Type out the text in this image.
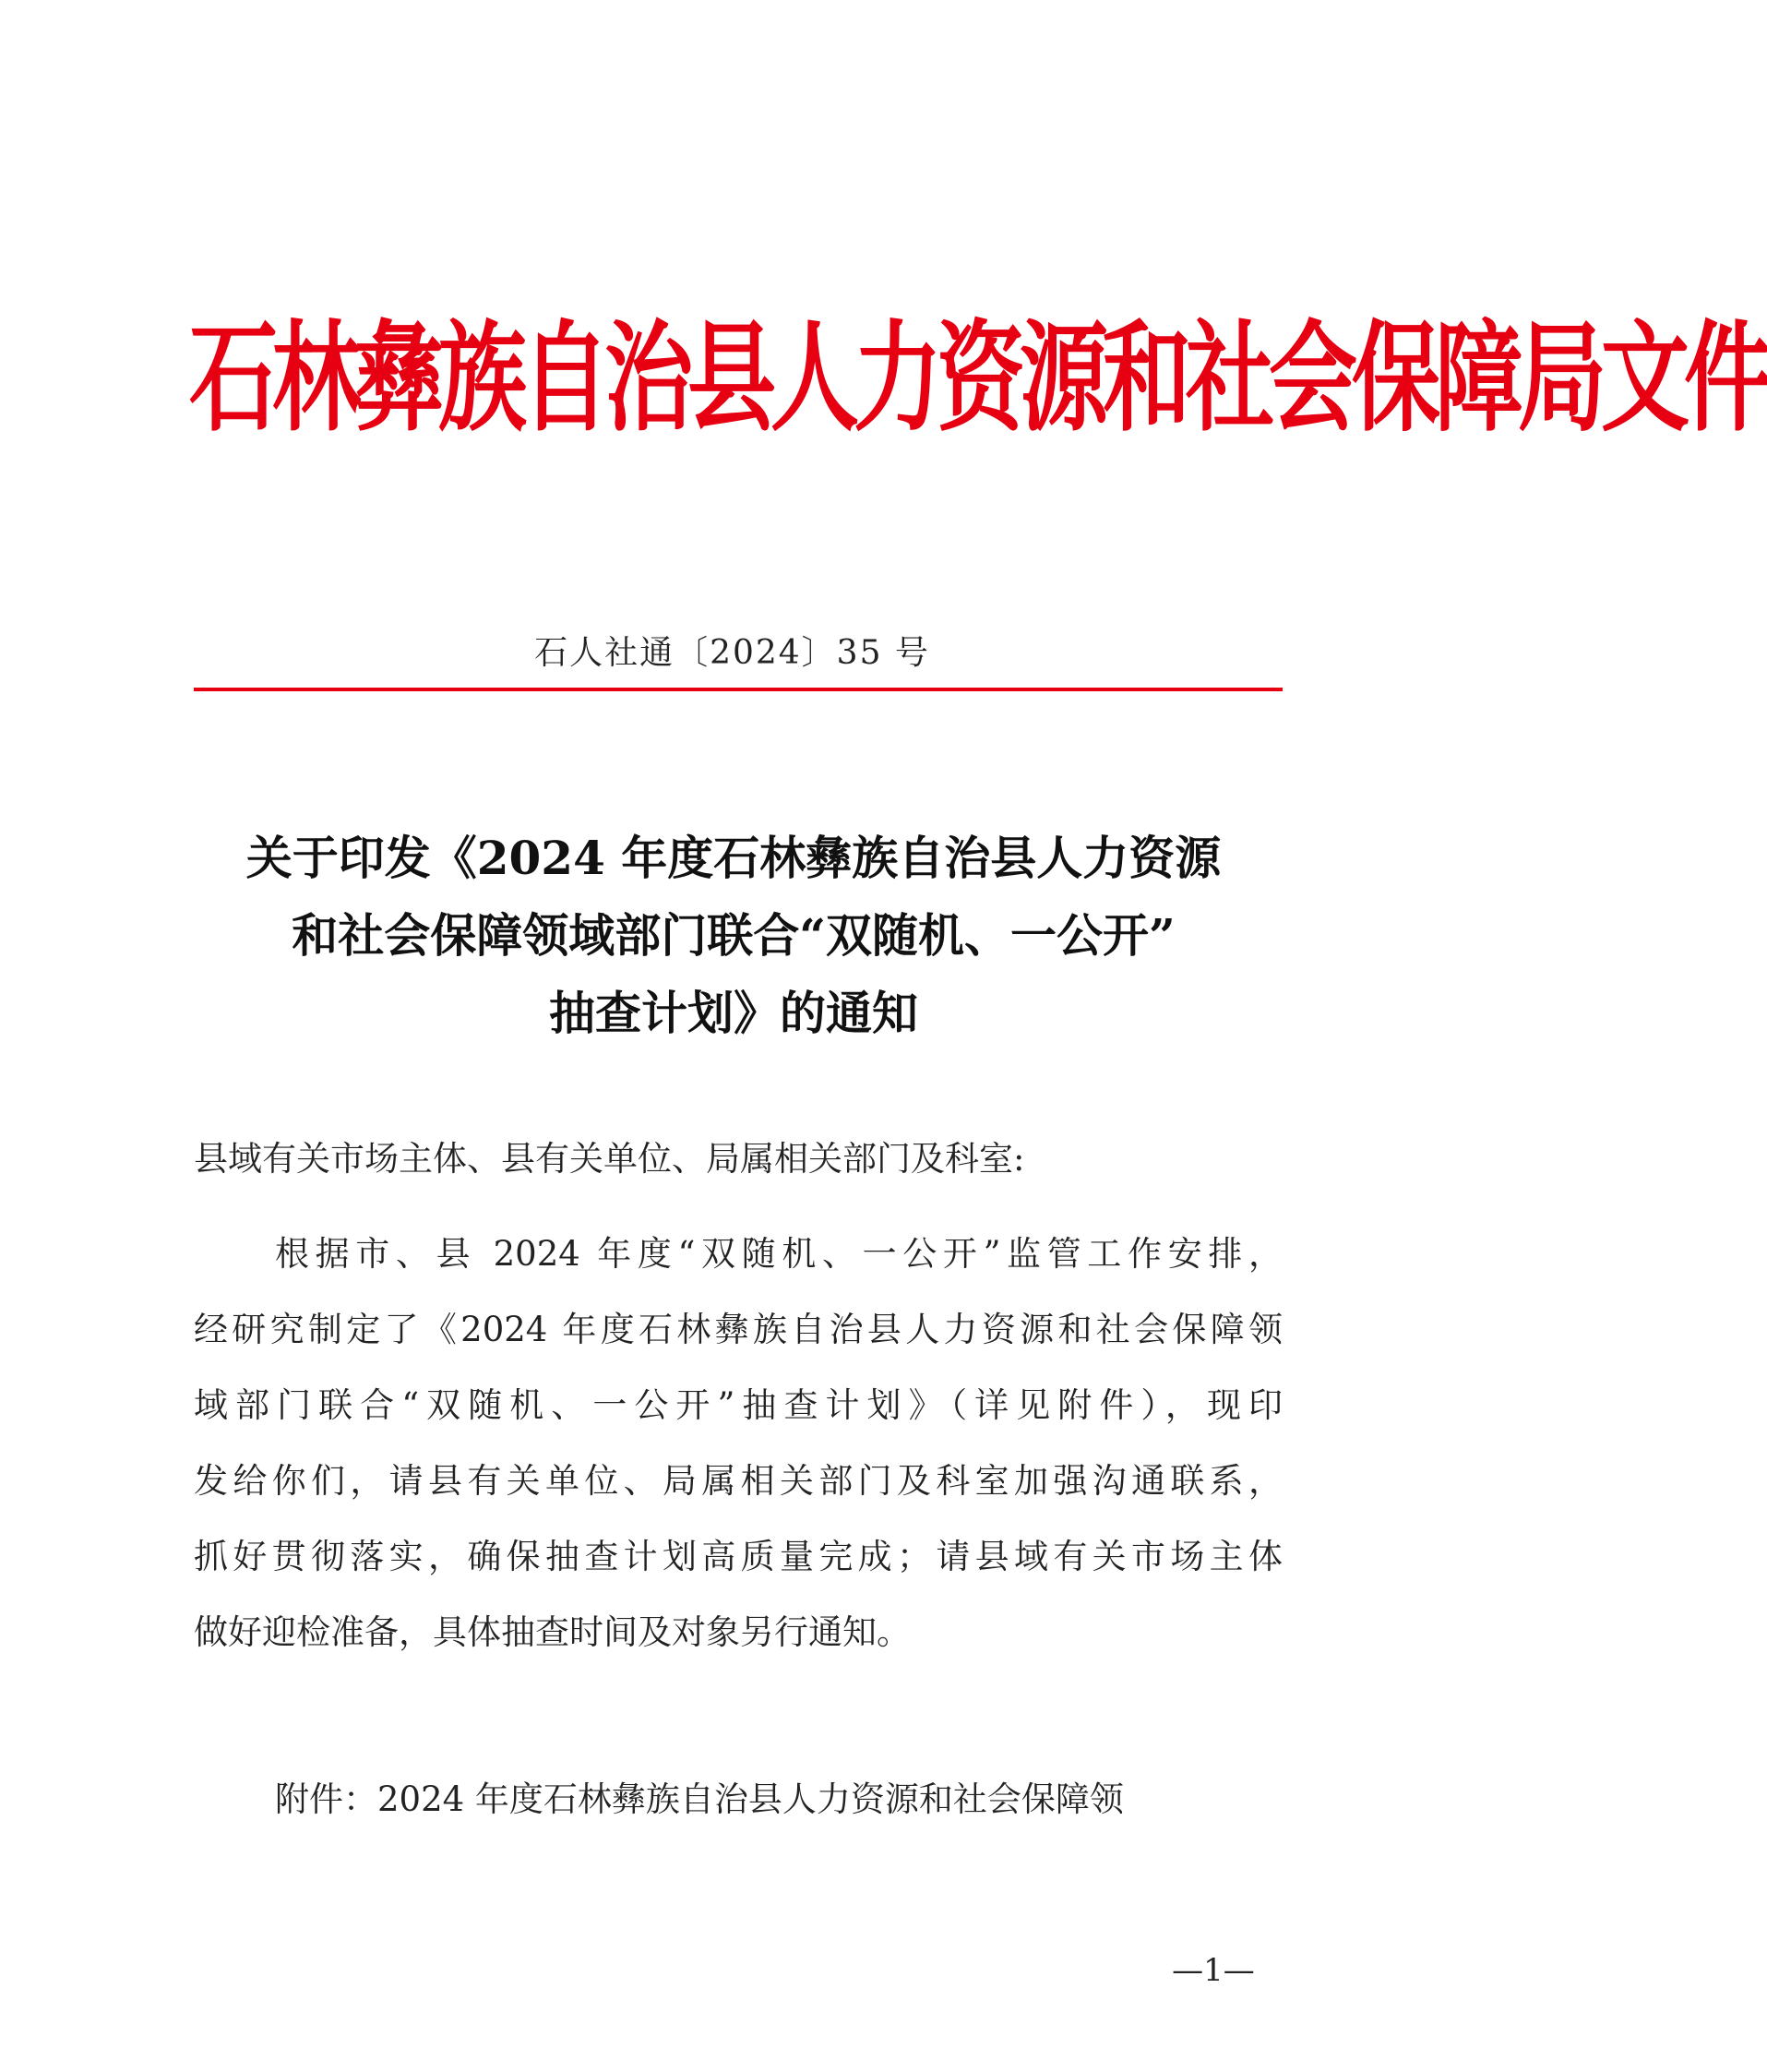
石林彝族自治县人力资源和社会保障局文件
石人社通〔2024〕35 号
关于印发《2024 年度石林彝族自治县人力资源
和社会保障领域部门联合“双随机、一公开”
抽查计划》的通知
县域有关市场主体、县有关单位、局属相关部门及科室:
根据市、县 2024 年度“双随机、一公开”监管工作安排，
经研究制定了《2024 年度石林彝族自治县人力资源和社会保障领
域部门联合“双随机、一公开”抽查计划》（详见附件），现印
发给你们，请县有关单位、局属相关部门及科室加强沟通联系，
抓好贯彻落实，确保抽查计划高质量完成；请县域有关市场主体
做好迎检准备，具体抽查时间及对象另行通知。
附件：2024 年度石林彝族自治县人力资源和社会保障领
—1—
